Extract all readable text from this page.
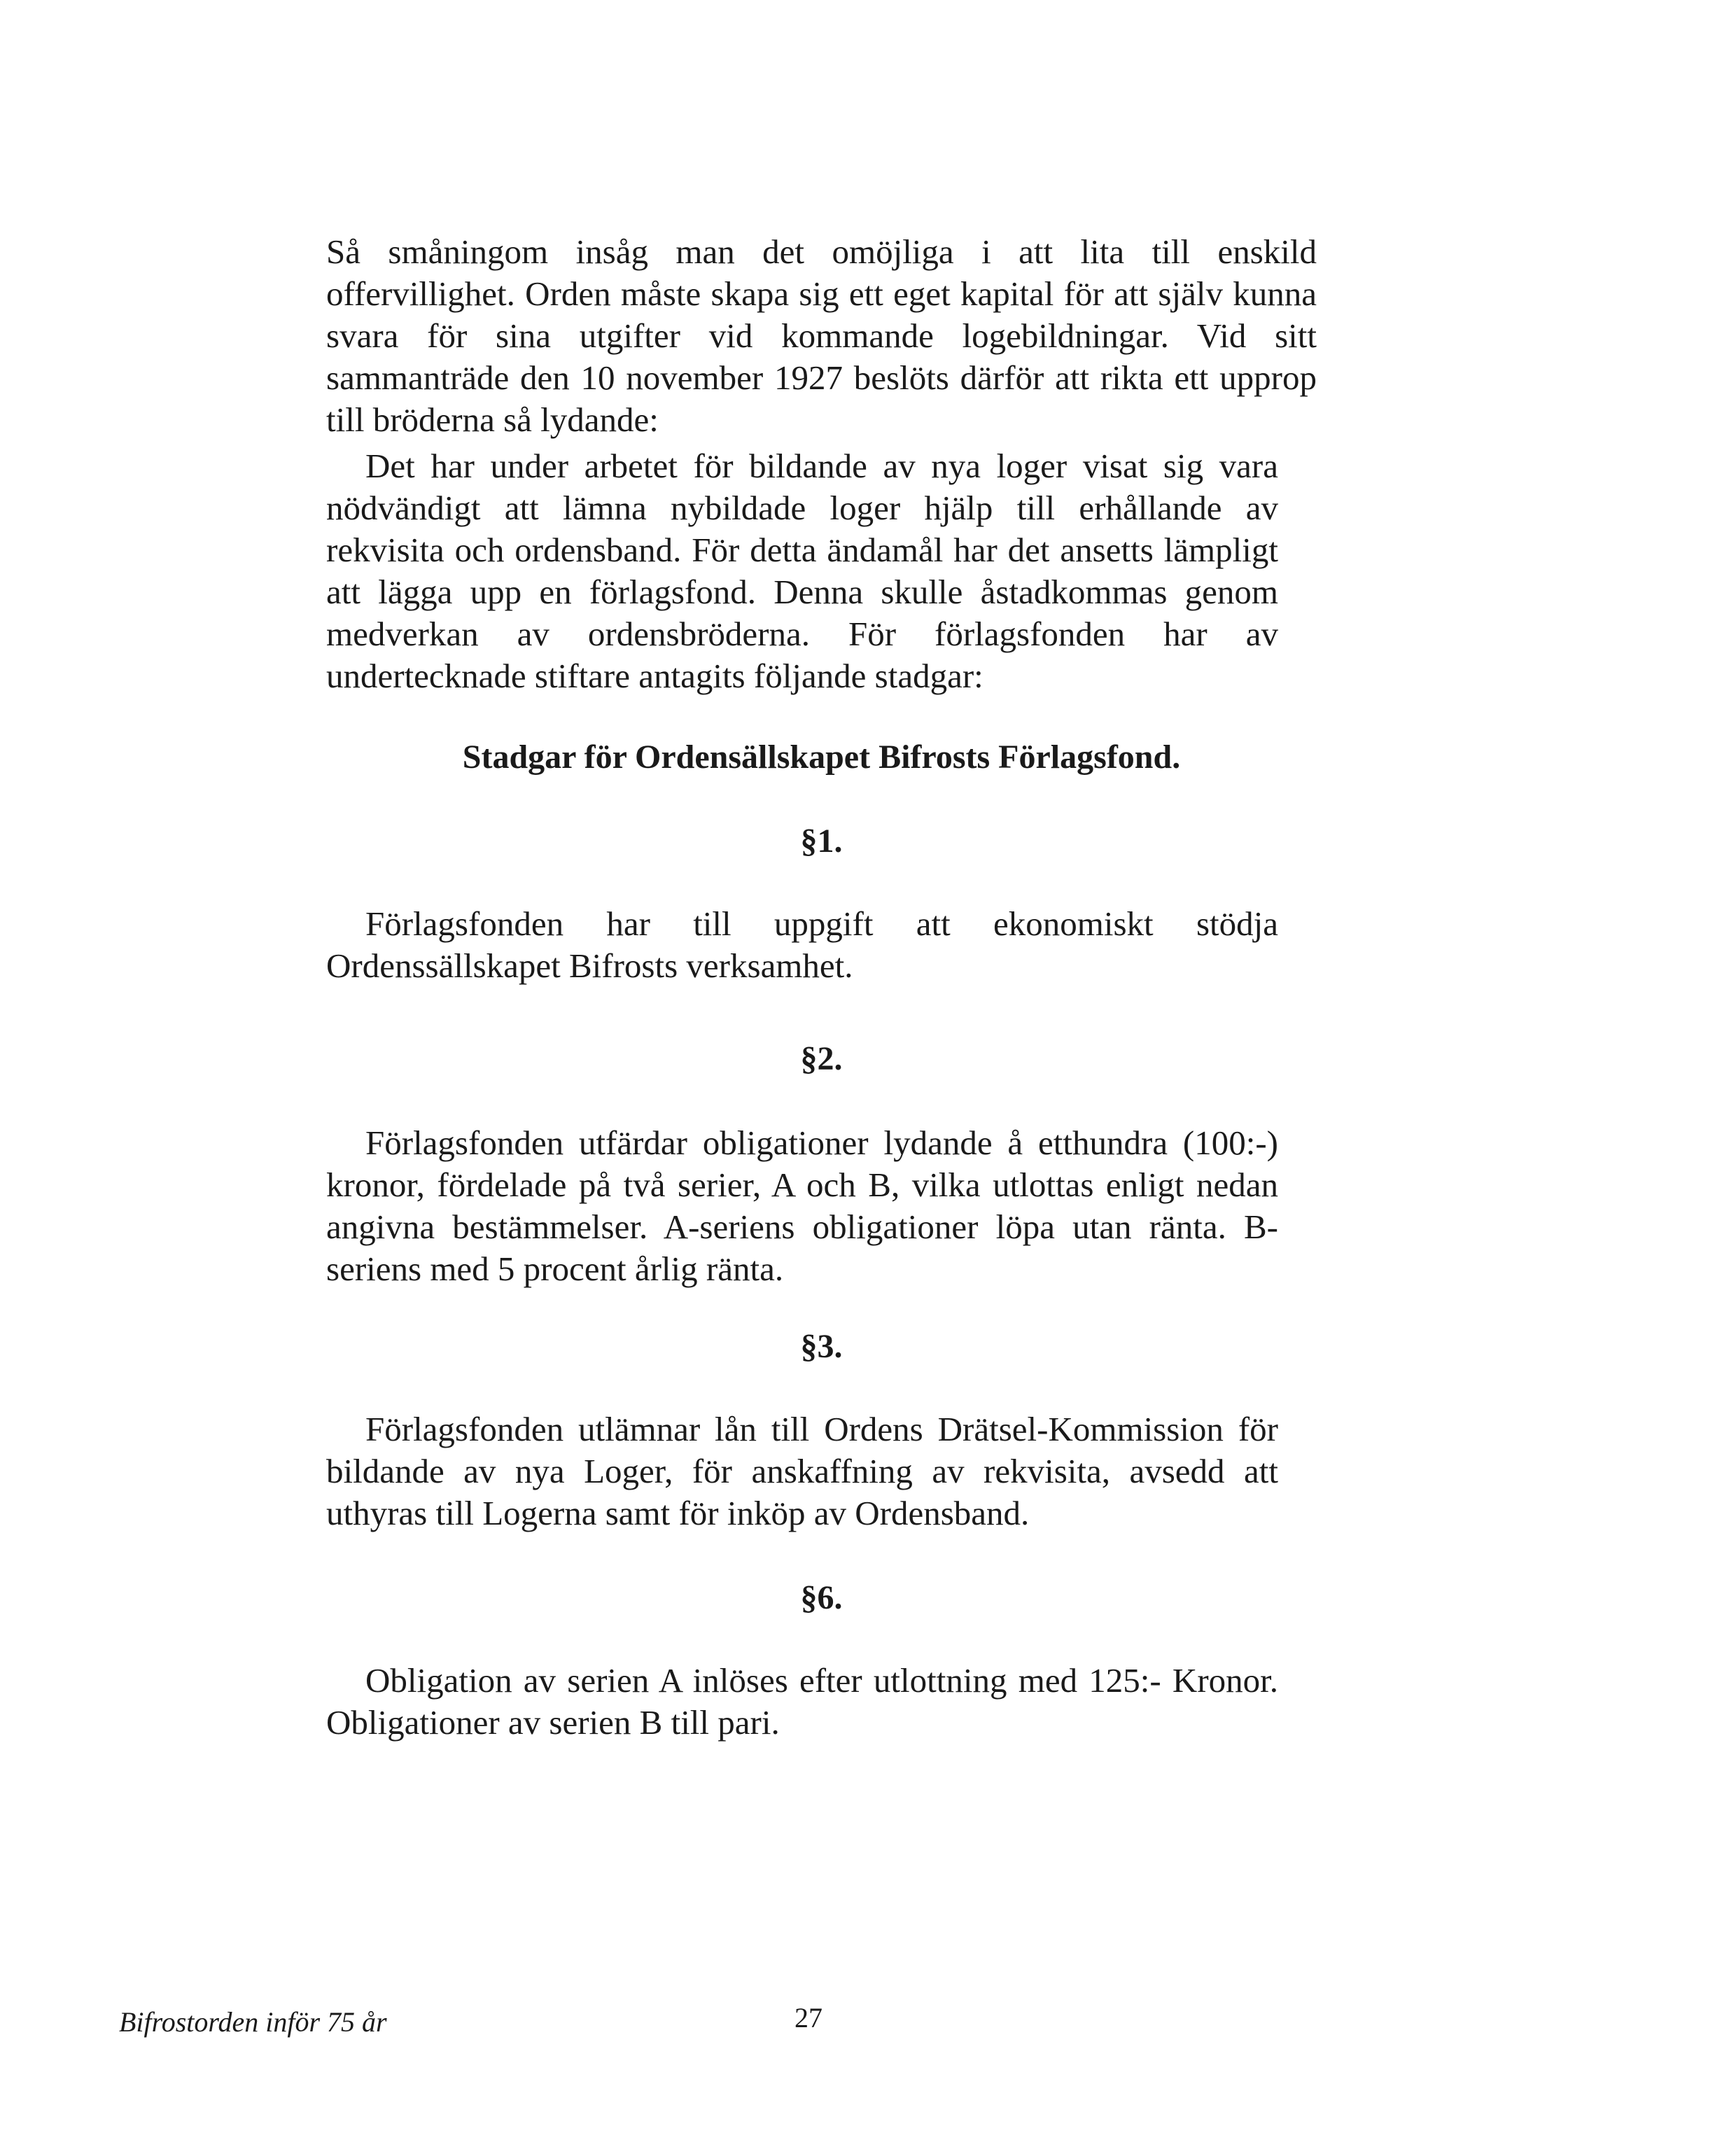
Så småningom insåg man det omöjliga i att lita till enskild offervillighet. Orden måste skapa sig ett eget kapital för att själv kunna svara för sina utgifter vid kommande logebildningar. Vid sitt sammanträde den 10 november 1927 beslöts därför att rikta ett upprop till bröderna så lydande:

Det har under arbetet för bildande av nya loger visat sig vara nödvändigt att lämna nybildade loger hjälp till erhållande av rekvisita och ordensband. För detta ändamål har det ansetts lämpligt att lägga upp en förlagsfond. Denna skulle åstadkommas genom medverkan av ordensbröderna. För förlagsfonden har av undertecknade stiftare antagits följande stadgar:

Stadgar för Ordensällskapet Bifrosts Förlagsfond.
§1.

Förlagsfonden har till uppgift att ekonomiskt stödja Ordenssällskapet Bifrosts verksamhet.

§2.

Förlagsfonden utfärdar obligationer lydande å etthundra (100:-) kronor, fördelade på två serier, A och B, vilka utlottas enligt nedan angivna bestämmelser. A-seriens obligationer löpa utan ränta. B-seriens med 5 procent årlig ränta.

§3.

Förlagsfonden utlämnar lån till Ordens Drätsel-Kommission för bildande av nya Loger, för anskaffning av rekvisita, avsedd att uthyras till Logerna samt för inköp av Ordensband.

§6.

Obligation av serien A inlöses efter utlottning med 125:- Kronor. Obligationer av serien B till pari.

Bifrostorden inför 75 år	27
